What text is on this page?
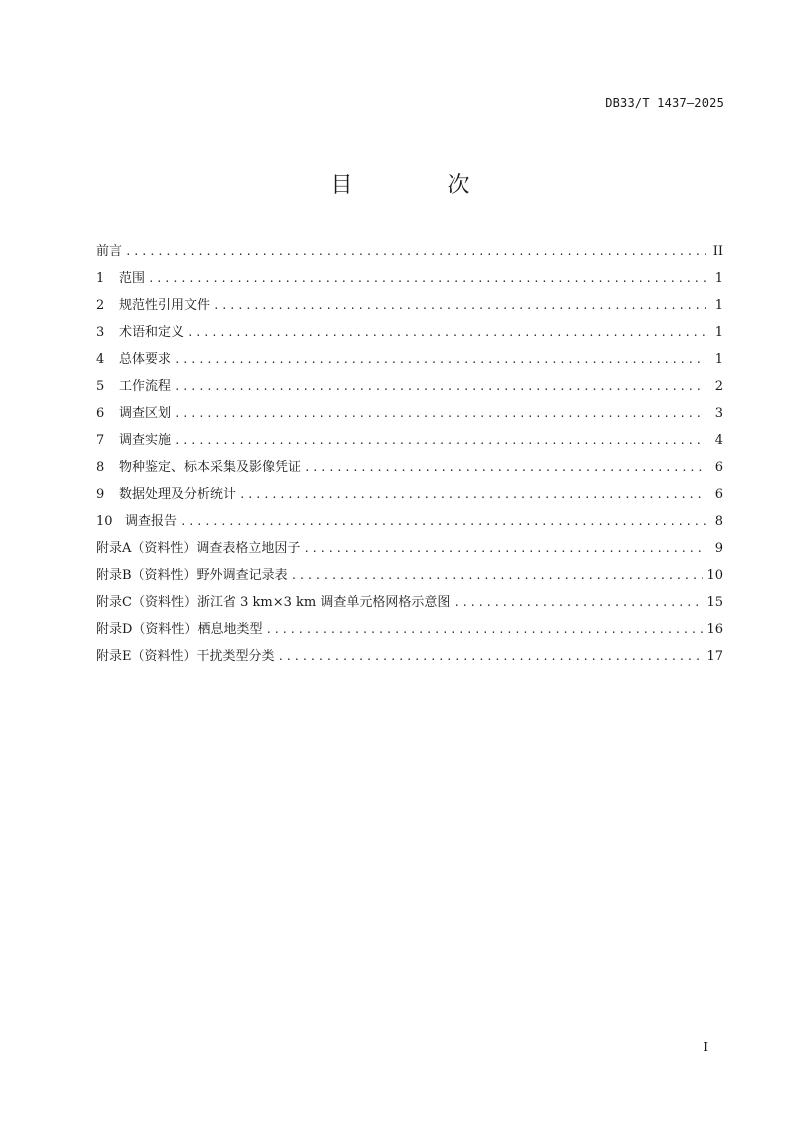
DB33/T 1437—2025
目 次
前言 .....	II
1	范围 .....	1
2	规范性引用文件 .....	1
3	术语和定义 .....	1
4	总体要求 .....	1
5	工作流程 .....	2
6	调查区划 .....	3
7	调查实施 .....	4
8	物种鉴定、标本采集及影像凭证 .....	6
9	数据处理及分析统计 .....	6
10 调查报告 .....	8
附录A（资料性） 调查表格立地因子 .....	9
附录B（资料性） 野外调查记录表 .....	10
附录C（资料性） 浙江省 3 km×3 km 调查单元格网格示意图 .....	15
附录D（资料性） 栖息地类型 .....	16
附录E（资料性） 干扰类型分类 .....	17
I
